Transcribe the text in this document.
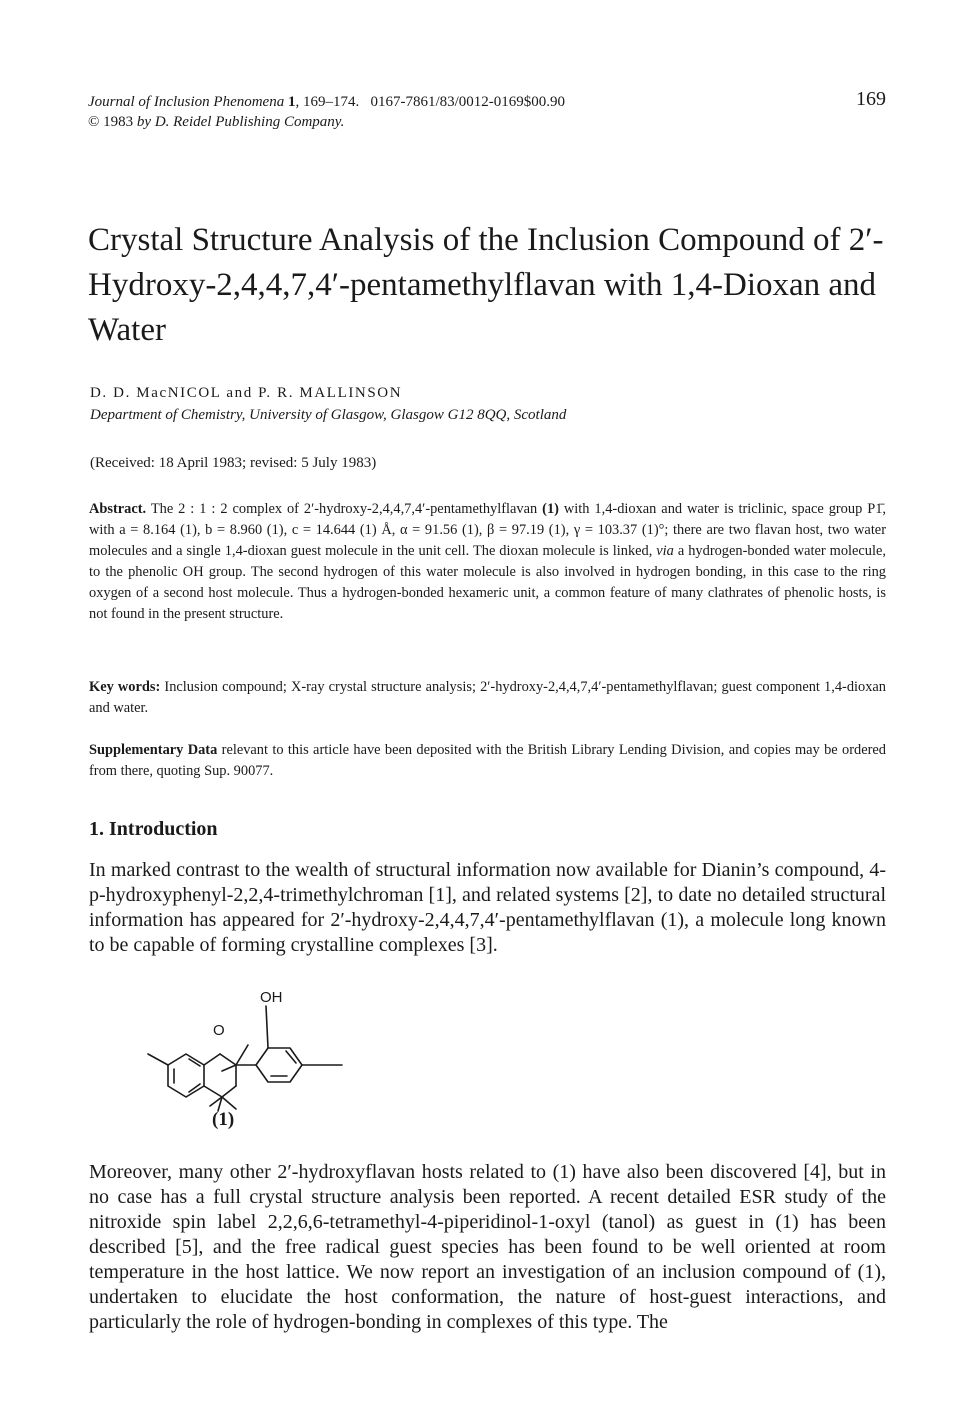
Journal of Inclusion Phenomena 1, 169–174. 0167-7861/83/0012-0169$00.90
© 1983 by D. Reidel Publishing Company.
169
Crystal Structure Analysis of the Inclusion Compound of 2′-Hydroxy-2,4,4,7,4′-pentamethylflavan with 1,4-Dioxan and Water
D. D. MacNICOL and P. R. MALLINSON
Department of Chemistry, University of Glasgow, Glasgow G12 8QQ, Scotland
(Received: 18 April 1983; revised: 5 July 1983)

Abstract. The 2 : 1 : 2 complex of 2′-hydroxy-2,4,4,7,4′-pentamethylflavan (1) with 1,4-dioxan and water is triclinic, space group P1̄, with a = 8.164 (1), b = 8.960 (1), c = 14.644 (1) Å, α = 91.56 (1), β = 97.19 (1), γ = 103.37 (1)°; there are two flavan host, two water molecules and a single 1,4-dioxan guest molecule in the unit cell. The dioxan molecule is linked, via a hydrogen-bonded water molecule, to the phenolic OH group. The second hydrogen of this water molecule is also involved in hydrogen bonding, in this case to the ring oxygen of a second host molecule. Thus a hydrogen-bonded hexameric unit, a common feature of many clathrates of phenolic hosts, is not found in the present structure.

Key words: Inclusion compound; X-ray crystal structure analysis; 2′-hydroxy-2,4,4,7,4′-pentamethylflavan; guest component 1,4-dioxan and water.

Supplementary Data relevant to this article have been deposited with the British Library Lending Division, and copies may be ordered from there, quoting Sup. 90077.

1. Introduction

In marked contrast to the wealth of structural information now available for Dianin’s compound, 4-p-hydroxyphenyl-2,2,4-trimethylchroman [1], and related systems [2], to date no detailed structural information has appeared for 2′-hydroxy-2,4,4,7,4′-pentamethylflavan (1), a molecule long known to be capable of forming crystalline complexes [3].

OH
O
(1)

Moreover, many other 2′-hydroxyflavan hosts related to (1) have also been discovered [4], but in no case has a full crystal structure analysis been reported. A recent detailed ESR study of the nitroxide spin label 2,2,6,6-tetramethyl-4-piperidinol-1-oxyl (tanol) as guest in (1) has been described [5], and the free radical guest species has been found to be well oriented at room temperature in the host lattice. We now report an investigation of an inclusion compound of (1), undertaken to elucidate the host conformation, the nature of host-guest interactions, and particularly the role of hydrogen-bonding in complexes of this type. The
